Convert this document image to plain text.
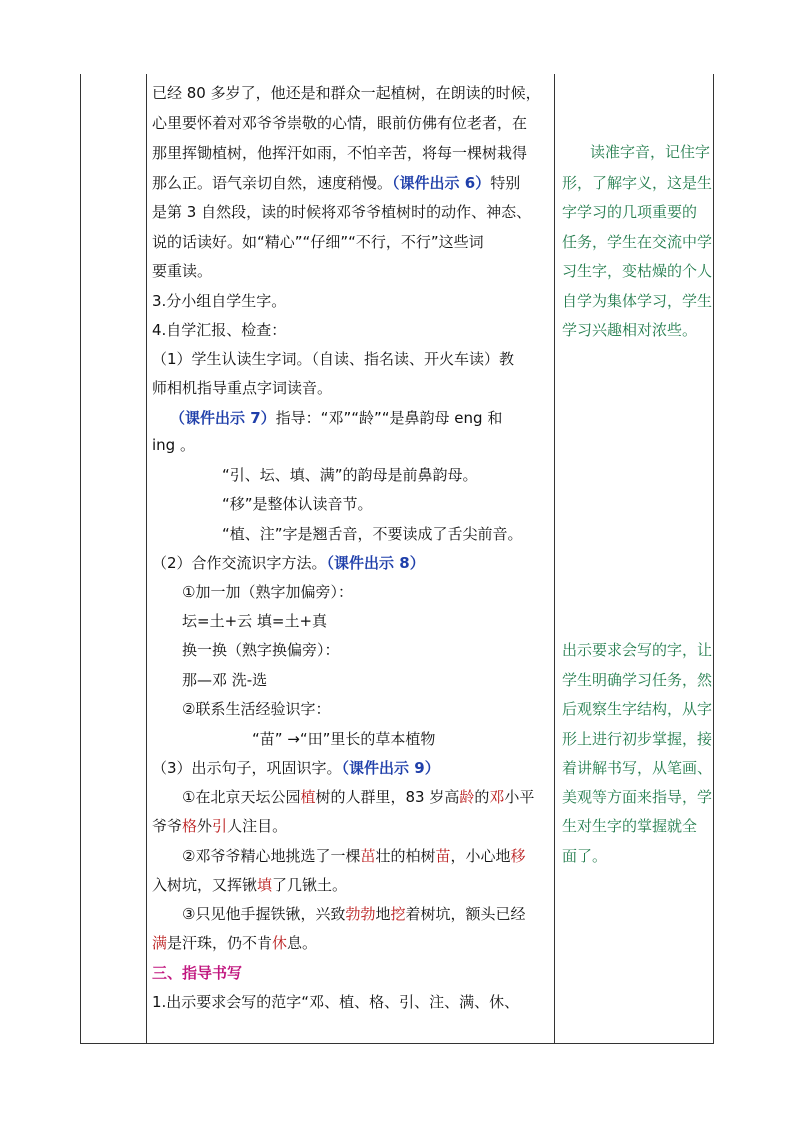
已经 80 多岁了，他还是和群众一起植树，在朗读的时候，
心里要怀着对邓爷爷崇敬的心情，眼前仿佛有位老者，在
那里挥锄植树，他挥汗如雨，不怕辛苦，将每一棵树栽得
那么正。语气亲切自然，速度稍慢。（课件出示 6）特别
是第 3 自然段，读的时候将邓爷爷植树时的动作、神态、
说的话读好。如“精心”“仔细”“不行，不行”这些词
要重读。
3.分小组自学生字。
4.自学汇报、检查：
（1）学生认读生字词。（自读、指名读、开火车读）教
师相机指导重点字词读音。
（课件出示 7）指导：“邓”“龄”“是鼻韵母 eng 和
ing 。
“引、坛、填、满”的韵母是前鼻韵母。
“移”是整体认读音节。
“植、注”字是翘舌音，不要读成了舌尖前音。
（2）合作交流识字方法。（课件出示 8）
①加一加（熟字加偏旁）：
坛=土+云 填=土+真
换一换（熟字换偏旁）：
那—邓 洗-选
②联系生活经验识字：
“苗” →“田”里长的草本植物
（3）出示句子，巩固识字。（课件出示 9）
①在北京天坛公园植树的人群里，83 岁高龄的邓小平
爷爷格外引人注目。
②邓爷爷精心地挑选了一棵茁壮的柏树苗，小心地移
入树坑，又挥锹填了几锹土。
③只见他手握铁锹，兴致勃勃地挖着树坑，额头已经
满是汗珠，仍不肯休息。
三、指导书写
1.出示要求会写的范字“邓、植、格、引、注、满、休、
读准字音，记住字
形，了解字义，这是生
字学习的几项重要的
任务，学生在交流中学
习生字，变枯燥的个人
自学为集体学习，学生
学习兴趣相对浓些。
出示要求会写的字，让
学生明确学习任务，然
后观察生字结构，从字
形上进行初步掌握，接
着讲解书写，从笔画、
美观等方面来指导，学
生对生字的掌握就全
面了。
